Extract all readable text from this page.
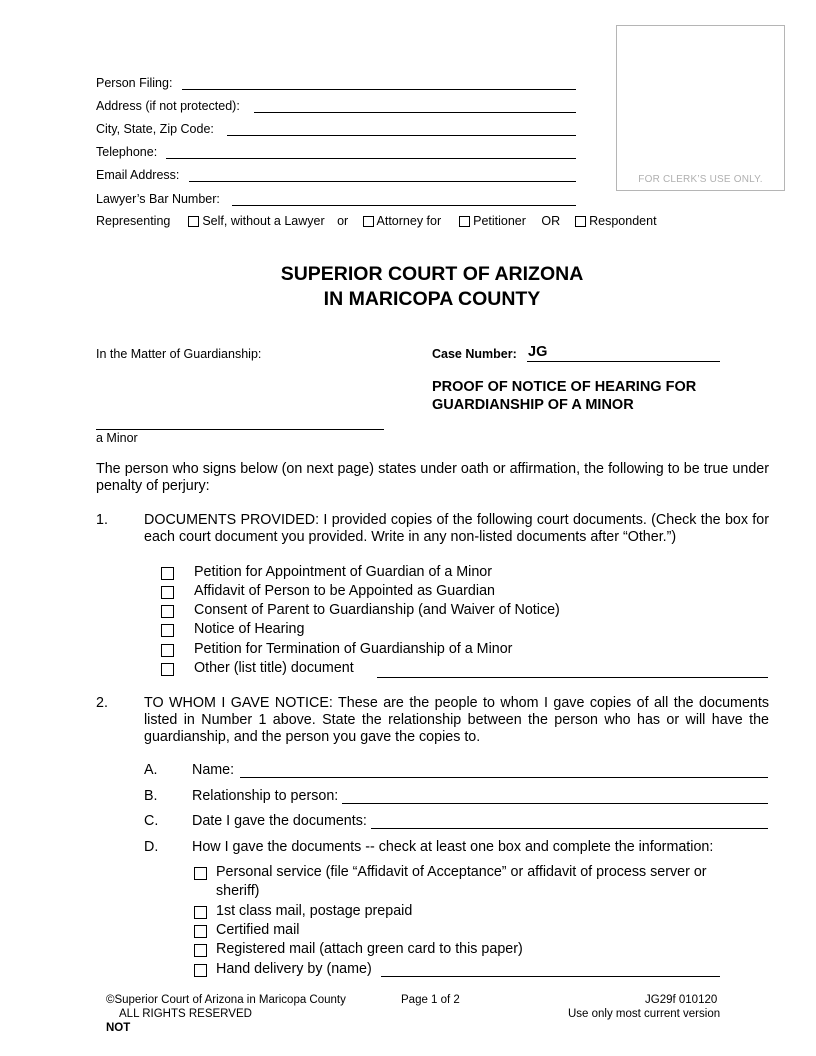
Person Filing:
Address (if not protected):
City, State, Zip Code:
Telephone:
Email Address:
Lawyer’s Bar Number:
Representing	Self, without a Lawyer or Attorney for	Petitioner OR Respondent
FOR CLERK’S USE ONLY.
SUPERIOR COURT OF ARIZONA
IN MARICOPA COUNTY
In the Matter of Guardianship:
a Minor
Case Number: JG
PROOF OF NOTICE OF HEARING FOR
GUARDIANSHIP OF A MINOR
The person who signs below (on next page) states under oath or affirmation, the following to be true under penalty of perjury:
1.	DOCUMENTS PROVIDED: I provided copies of the following court documents. (Check the box for each court document you provided. Write in any non-listed documents after “Other.”)
Petition for Appointment of Guardian of a Minor
Affidavit of Person to be Appointed as Guardian
Consent of Parent to Guardianship (and Waiver of Notice)
Notice of Hearing
Petition for Termination of Guardianship of a Minor
Other (list title) document
2.	TO WHOM I GAVE NOTICE: These are the people to whom I gave copies of all the documents listed in Number 1 above. State the relationship between the person who has or will have the guardianship, and the person you gave the copies to.
A. Name:
B. Relationship to person:
C. Date I gave the documents:
D. How I gave the documents -- check at least one box and complete the information:
Personal service (file “Affidavit of Acceptance” or affidavit of process server or
sheriff)
1st class mail, postage prepaid
Certified mail
Registered mail (attach green card to this paper)
Hand delivery by (name)
©Superior Court of Arizona in Maricopa County
ALL RIGHTS RESERVED
NOT
Page 1 of 2	JG29f 010120
Use only most current version
